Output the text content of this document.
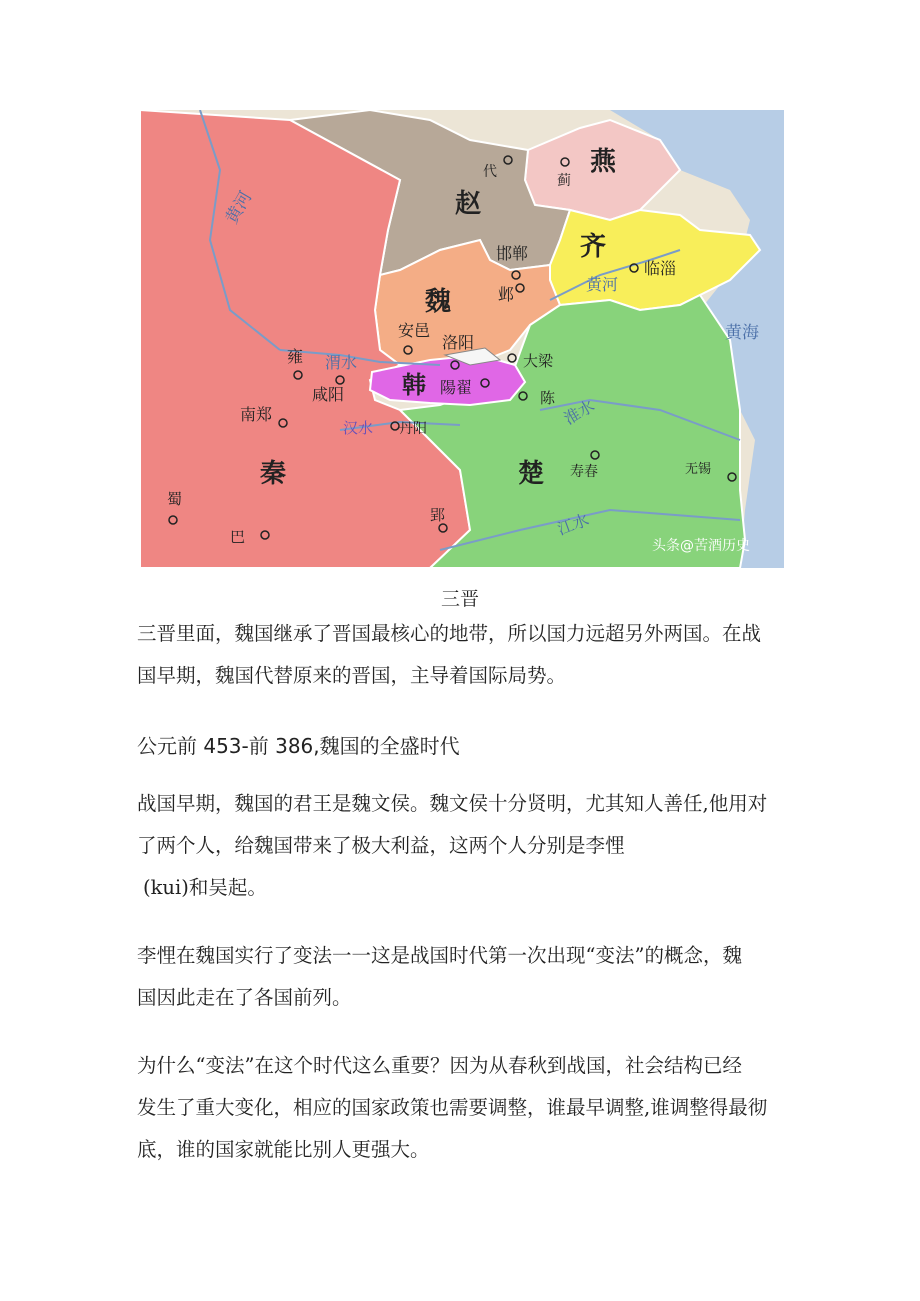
赵
燕
齐
魏
韩
秦	楚
代
蓟
邯郸
邺
临淄
安邑
洛阳
大梁
陽翟
陈
雍
咸阳
南郑
丹阳
寿春	无锡
蜀
巴
郢
黄河
黄河
黄海
渭水
汉水	淮水
江水
头条@苦酒历史
三晋

三晋里面，魏国继承了晋国最核心的地带，所以国力远超另外两国。在战

国早期，魏国代替原来的晋国，主导着国际局势。

公元前 453-前 386,魏国的全盛时代

战国早期，魏国的君王是魏文侯。魏文侯十分贤明，尤其知人善任,他用对

了两个人，给魏国带来了极大利益，这两个人分别是李悝

(kui)和吴起。

李悝在魏国实行了变法一一这是战国时代第一次出现“变法”的概念，魏

国因此走在了各国前列。

为什么“变法”在这个时代这么重要？因为从春秋到战国，社会结构已经

发生了重大变化，相应的国家政策也需要调整，谁最早调整,谁调整得最彻

底，谁的国家就能比别人更强大。
